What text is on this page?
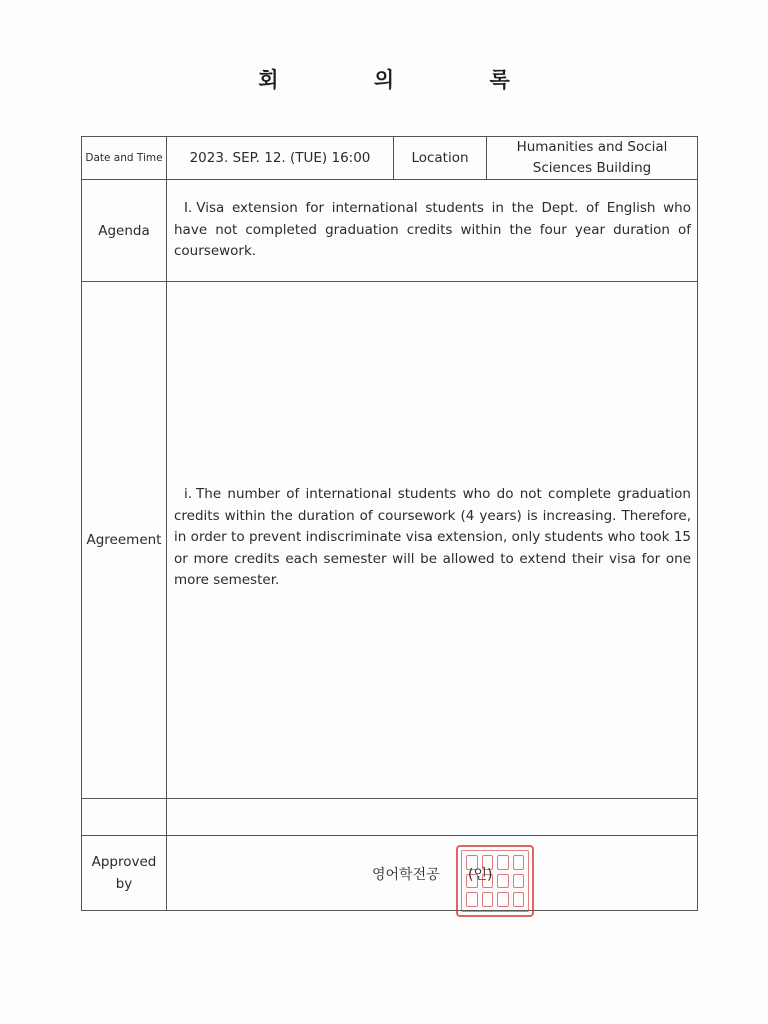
회 의 록
Date and Time	2023. SEP. 12. (TUE) 16:00	Location	Humanities and Social Sciences Building
Agenda	Ⅰ. Visa extension for international students in the Dept. of English who have not completed graduation credits within the four year duration of coursework.		

Agreement	ⅰ. The number of international students who do not complete graduation credits within the duration of coursework (4 years) is increasing. Therefore, in order to prevent indiscriminate visa extension, only students who took 15 or more credits each semester will be allowed to extend their visa for one more semester.		

Approved by	영어학전공 (인)		
